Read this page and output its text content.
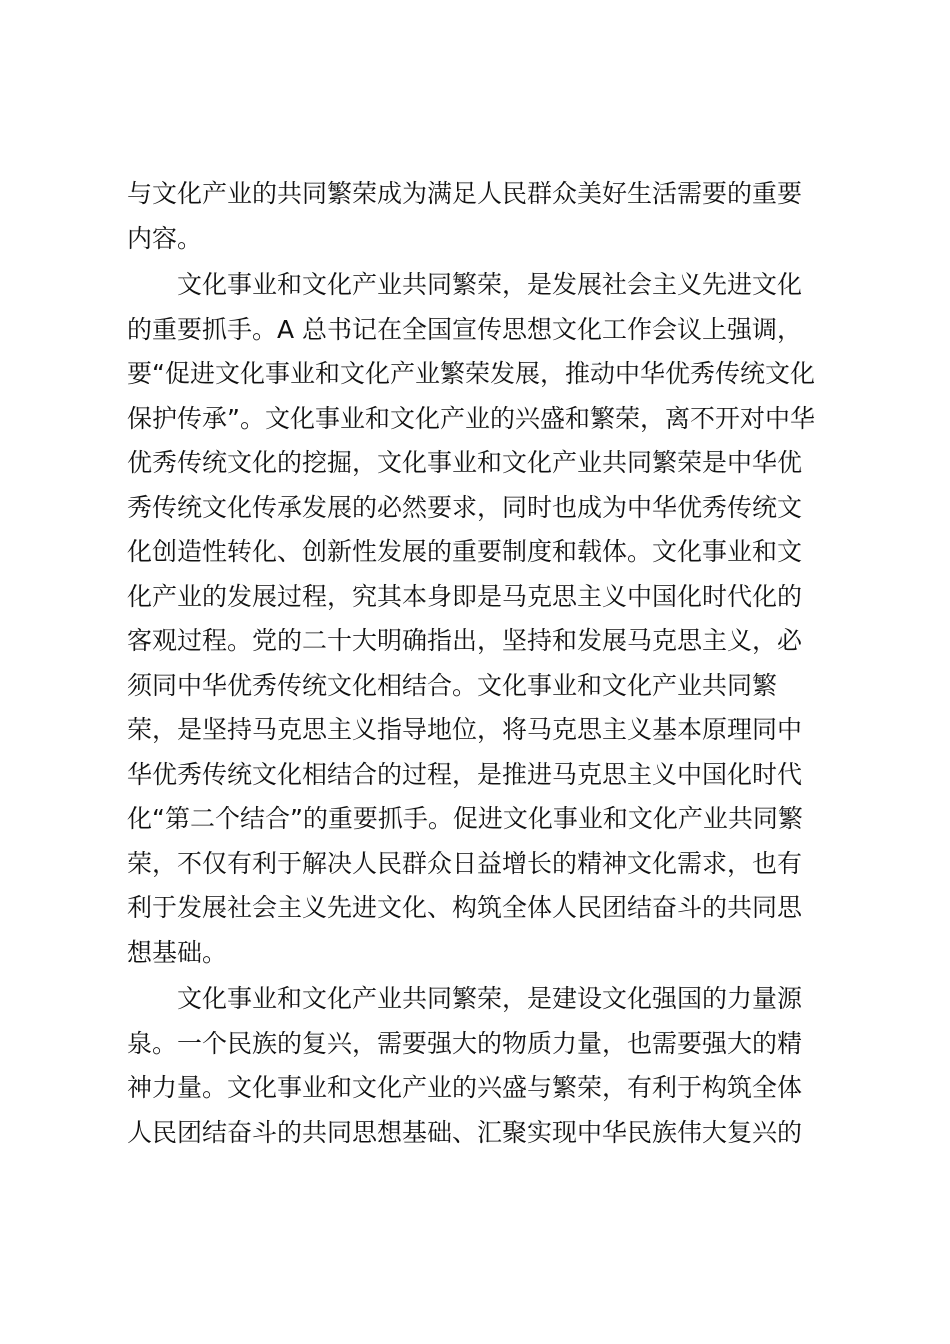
与文化产业的共同繁荣成为满足人民群众美好生活需要的重要
内容。
文化事业和文化产业共同繁荣，是发展社会主义先进文化
的重要抓手。A 总书记在全国宣传思想文化工作会议上强调，
要“促进文化事业和文化产业繁荣发展，推动中华优秀传统文化
保护传承”。文化事业和文化产业的兴盛和繁荣，离不开对中华
优秀传统文化的挖掘，文化事业和文化产业共同繁荣是中华优
秀传统文化传承发展的必然要求，同时也成为中华优秀传统文
化创造性转化、创新性发展的重要制度和载体。文化事业和文
化产业的发展过程，究其本身即是马克思主义中国化时代化的
客观过程。党的二十大明确指出，坚持和发展马克思主义，必
须同中华优秀传统文化相结合。文化事业和文化产业共同繁
荣，是坚持马克思主义指导地位，将马克思主义基本原理同中
华优秀传统文化相结合的过程，是推进马克思主义中国化时代
化“第二个结合”的重要抓手。促进文化事业和文化产业共同繁
荣，不仅有利于解决人民群众日益增长的精神文化需求，也有
利于发展社会主义先进文化、构筑全体人民团结奋斗的共同思
想基础。
文化事业和文化产业共同繁荣，是建设文化强国的力量源
泉。一个民族的复兴，需要强大的物质力量，也需要强大的精
神力量。文化事业和文化产业的兴盛与繁荣，有利于构筑全体
人民团结奋斗的共同思想基础、汇聚实现中华民族伟大复兴的
